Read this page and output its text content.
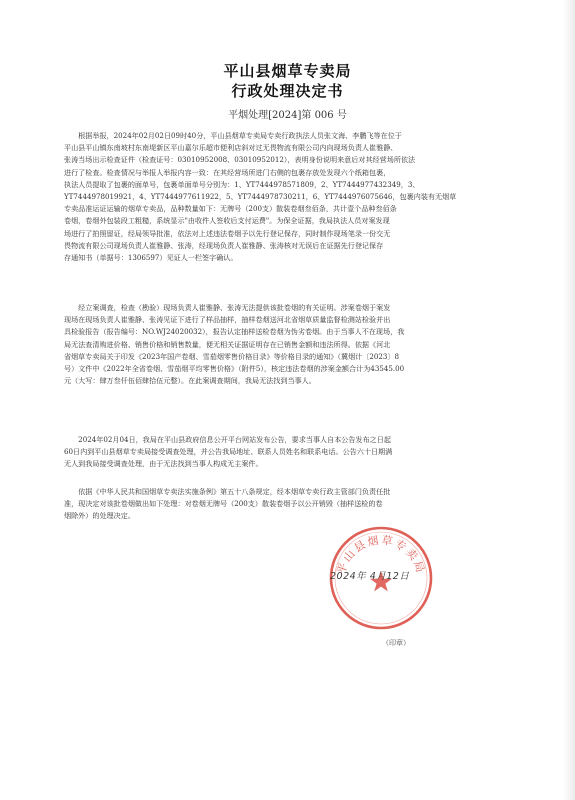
平山县烟草专卖局
行政处理决定书
平烟处理[2024]第 006 号
　　根据举报，2024年02月02日09时40分，平山县烟草专卖局专卖行政执法人员张文海、李鹏飞等在位于
平山县平山镇东南坡村东南堤新区平山嘉尔乐超市便利店斜对过无畏物流有限公司内向现场负责人崔雅静、
张涛当场出示检查证件（检查证号：03010952008、03010952012），表明身份说明来意后对其经营场所依法
进行了检查。检查情况与举报人举报内容一致：在其经营场所进门右侧的包裹存放处发现六个纸箱包裹，
执法人员提取了包裹的面单号，包裹单面单号分别为：1、YT7444978571809，2、YT7444977432349，3、
YT7444978019921，4、YT7444977611922，5、YT7444978730211，6、YT7444976075646，包裹内装有无烟草
专卖品准运证运输的烟草专卖品，品种数量如下：无牌号（200支）散装卷烟叁佰条，共计壹个品种叁佰条
卷烟，卷烟外包装段工粗糙，系统显示"由收件人签收后支付运费"。为保全证据，我局执法人员对案发现
场进行了拍照留证，经局领导批准，依法对上述违法卷烟予以先行登记保存，同时制作现场笔录一份交无
畏物流有限公司现场负责人崔雅静、张涛，经现场负责人崔雅静、张涛核对无误后在证据先行登记保存
存通知书（单据号：1306597）见证人一栏签字确认。
　　经立案调查，检查（勘验）现场负责人崔雅静、张涛无法提供该批卷烟的有关证明。涉案卷烟于案发
现场在现场负责人崔雅静、张涛见证下进行了样品抽样，抽样卷烟送河北省烟草质量监督检测站检验并出
具检验报告（报告编号：NO.WJ24020032），报告认定抽样送检卷烟为伪劣卷烟。由于当事人不在现场，我
局无法查清购进价格、销售价格和销售数量，便无相关证据证明存在已销售金额和违法所得。依据《河北
省烟草专卖局关于印发《2023年国产卷烟、雪茄烟零售价格目录》等价格目录的通知》（冀烟计〔2023〕8
号）文件中《2022年全省卷烟、雪茄烟平均零售价格》（附件5），核定违法卷烟的涉案金额合计为43545.00
元（大写：肆万叁仟伍佰肆拾伍元整）。在此案调查期间，我局无法找到当事人。
　　2024年02月04日，我局在平山县政府信息公开平台网站发布公告，要求当事人自本公告发布之日起
60日内到平山县烟草专卖局接受调查处理，并公告我局地址、联系人员姓名和联系电话。公告六十日期满
无人到我局接受调查处理，由于无法找到当事人构成无主案件。
　　依据《中华人民共和国烟草专卖法实施条例》第五十八条规定，经本烟草专卖行政主管部门负责任批
准，现决定对该批卷烟做出如下处理：对卷烟无牌号（200支）散装卷烟予以公开销毁（抽样送检的卷
烟除外）的处理决定。
平山县烟草专卖局
2024年 4月12日
（印章）
